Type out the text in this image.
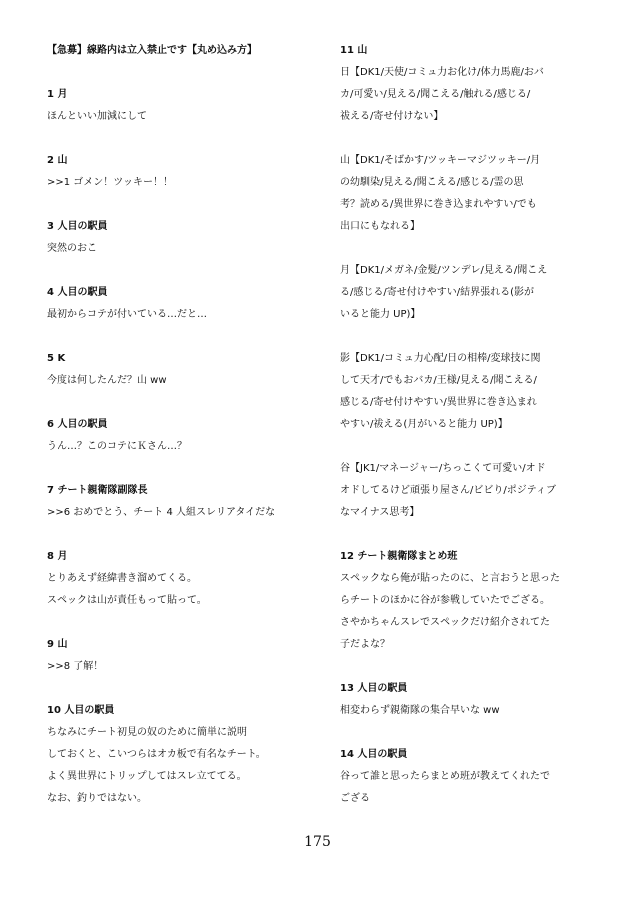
【急募】線路内は立入禁止です【丸め込み方】
1 月
ほんといい加減にして
2 山
>>1 ゴメン！ツッキー！！
3 人目の駅員
突然のおこ
4 人目の駅員
最初からコテが付いている…だと…
5 K
今度は何したんだ？山 ww
6 人目の駅員
うん…？このコテにＫさん…？
7 チート親衛隊副隊長
>>6 おめでとう、チート 4 人組スレリアタイだな
8 月
とりあえず経緯書き溜めてくる。
スペックは山が責任もって貼って。
9 山
>>8 了解！
10 人目の駅員
ちなみにチート初見の奴のために簡単に説明
しておくと、こいつらはオカ板で有名なチート。
よく異世界にトリップしてはスレ立ててる。
なお、釣りではない。
11 山
日【DK1/天使/コミュ力お化け/体力馬鹿/おバ
カ/可愛い/見える/聞こえる/触れる/感じる/
祓える/寄せ付けない】
山【DK1/そばかす/ツッキーマジツッキー/月
の幼馴染/見える/聞こえる/感じる/霊の思
考？読める/異世界に巻き込まれやすい/でも
出口にもなれる】
月【DK1/メガネ/金髪/ツンデレ/見える/聞こえ
る/感じる/寄せ付けやすい/結界張れる(影が
いると能力 UP)】
影【DK1/コミュ力心配/日の相棒/変球技に関
して天才/でもおバカ/王様/見える/聞こえる/
感じる/寄せ付けやすい/異世界に巻き込まれ
やすい/祓える(月がいると能力 UP)】
谷【JK1/マネージャー/ちっこくて可愛い/オド
オドしてるけど頑張り屋さん/ビビり/ポジティブ
なマイナス思考】
12 チート親衛隊まとめ班
スペックなら俺が貼ったのに、と言おうと思った
らチートのほかに谷が参戦していたでござる。
さやかちゃんスレでスペックだけ紹介されてた
子だよな？
13 人目の駅員
相変わらず親衛隊の集合早いな ww
14 人目の駅員
谷って誰と思ったらまとめ班が教えてくれたで
ござる
175
